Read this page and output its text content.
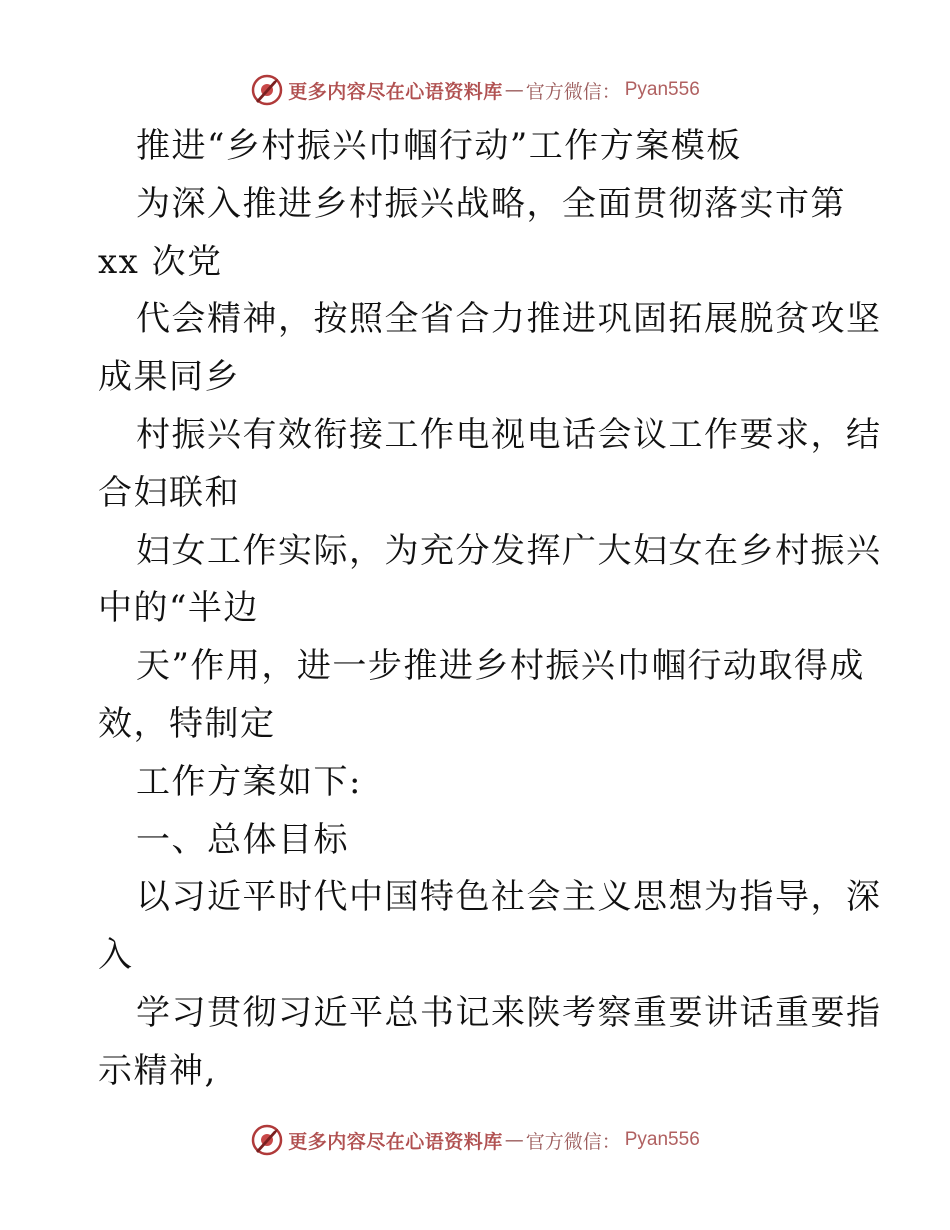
更多内容尽在心语资料库 — 官方微信： Pyan556
推进“乡村振兴巾帼行动”工作方案模板
为深入推进乡村振兴战略，全面贯彻落实市第
xx 次党
代会精神，按照全省合力推进巩固拓展脱贫攻坚
成果同乡
村振兴有效衔接工作电视电话会议工作要求，结
合妇联和
妇女工作实际，为充分发挥广大妇女在乡村振兴
中的“半边
天”作用，进一步推进乡村振兴巾帼行动取得成
效，特制定
工作方案如下:
一、总体目标
以习近平时代中国特色社会主义思想为指导，深
入
学习贯彻习近平总书记来陕考察重要讲话重要指
示精神,
更多内容尽在心语资料库 — 官方微信： Pyan556
